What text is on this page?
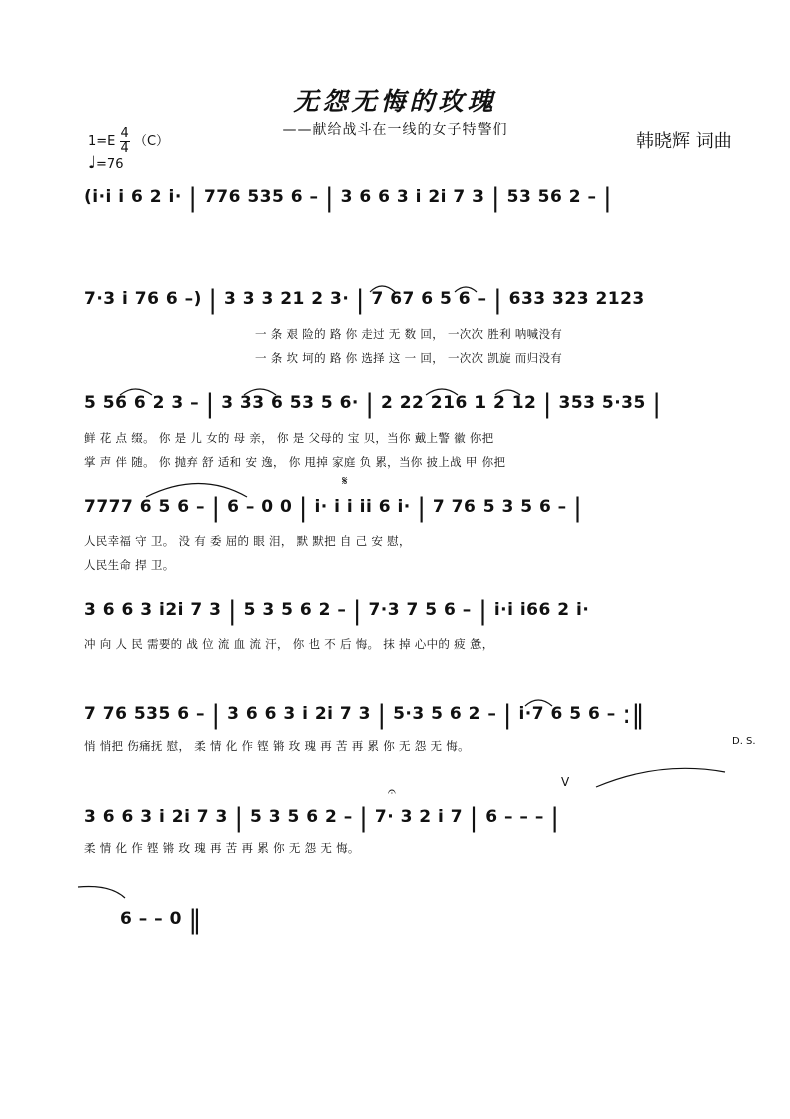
无怨无悔的玫瑰
——献给战斗在一线的女子特警们
韩晓辉 词曲
$1=E \frac{4}{4} (C)$
♩=76
(i·i i 6 2 i· | 776 535 6 – | 3 6 6 3 i 2i 7 3 | 53 56 2 – |
7·3 i 76 6 –) | 3 3 3 21 2 3· | 7 67 6 5 6 – | 633 323 2123
一 条 艰 险的 路 你 走过 无 数 回， 一次次 胜利 呐喊没有
一 条 坎 坷的 路 你 选择 这 一 回， 一次次 凯旋 而归没有
5 56 6 2 3 – | 3 33 6 53 5 6· | 2 22 216 1 2 12 | 353 5·35 |
鲜 花 点 缀。 你 是 儿 女的 母 亲， 你 是 父母的 宝 贝，当你 戴上警 徽 你把
掌 声 伴 随。 你 抛弃 舒 适和 安 逸， 你 甩掉 家庭 负 累，当你 披上战 甲 你把
7777 6 5 6 – | 6 – 0 0 | i· i i ii 6 i· | 7 76 5 3 5 6 – |
人民幸福 守 卫。 没 有 委 屈的 眼 泪， 默 默把 自 己 安 慰，
人民生命 捍 卫。
3 6 6 3 i2i 7 3 | 5 3 5 6 2 – | 7·3 7 5 6 – | i·i i66 2 i·
冲 向 人 民 需要的 战 位 流 血 流 汗， 你 也 不 后 悔。 抹 掉 心中的 疲 惫，
7 76 535 6 – | 3 6 6 3 i 2i 7 3 | 5·3 5 6 2 – | i·7 6 5 6 – :‖
悄 悄把 伤痛抚 慰， 柔 情 化 作 铿 锵 玫 瑰 再 苦 再 累 你 无 怨 无 悔。	D. S.
3 6 6 3 i 2i 7 3 | 5 3 5 6 2 – | 7· 3 2 i 7 | 6 – – – |
柔 情 化 作 铿 锵 玫 瑰 再 苦 再 累 你 无 怨 无 悔。
V
𝄐
𝄋
6 – – 0 ‖
